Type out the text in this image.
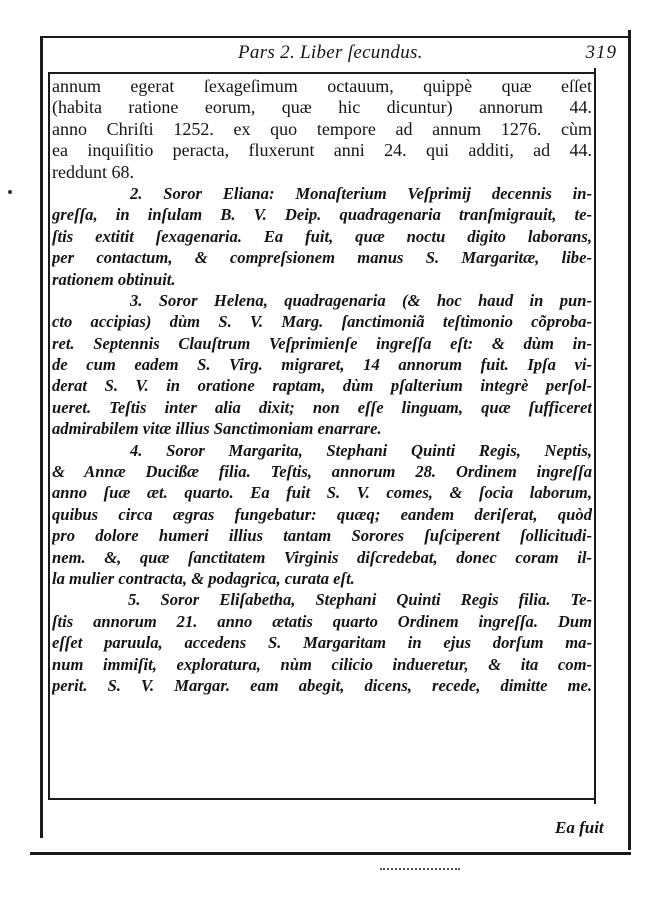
Pars 2. Liber ſecundus.	319
annum egerat ſexageſimum octauum, quippè quæ eſſet
(habita ratione eorum, quæ hic dicuntur) annorum 44.
anno Chriſti 1252. ex quo tempore ad annum 1276. cùm
ea inquiſitio peracta, fluxerunt anni 24. qui additi, ad 44.
reddunt 68.
2. Soror Eliana: Monaſterium Veſprimij decennis in-
greſſa, in inſulam B. V. Deip. quadragenaria tranſmigrauit, te-
ſtis extitit ſexagenaria. Ea fuit, quæ noctu digito laborans,
per contactum, & compreſsionem manus S. Margaritæ, libe-
rationem obtinuit.
3. Soror Helena, quadragenaria (& hoc haud in pun-
cto accipias) dùm S. V. Marg. ſanctimoniã teſtimonio cõproba-
ret. Septennis Clauſtrum Veſprimienſe ingreſſa eſt: & dùm in-
de cum eadem S. Virg. migraret, 14 annorum fuit. Ipſa vi-
derat S. V. in oratione raptam, dùm pſalterium integrè perſol-
ueret. Teſtis inter alia dixit; non eſſe linguam, quæ ſufficeret
admirabilem vitæ illius Sanctimoniam enarrare.
4. Soror Margarita, Stephani Quinti Regis, Neptis,
& Annæ Ducißæ filia. Teſtis, annorum 28. Ordinem ingreſſa
anno ſuæ æt. quarto. Ea fuit S. V. comes, & ſocia laborum,
quibus circa ægras fungebatur: quæq; eandem deriſerat, quòd
pro dolore humeri illius tantam Sorores ſuſciperent ſollicitudi-
nem. &, quæ ſanctitatem Virginis diſcredebat, donec coram il-
la mulier contracta, & podagrica, curata eſt.
5. Soror Eliſabetha, Stephani Quinti Regis filia. Te-
ſtis annorum 21. anno ætatis quarto Ordinem ingreſſa. Dum
eſſet paruula, accedens S. Margaritam in ejus dorſum ma-
num immiſit, exploratura, nùm cilicio indueretur, & ita com-
perit. S. V. Margar. eam abegit, dicens, recede, dimitte me.
Ea fuit
